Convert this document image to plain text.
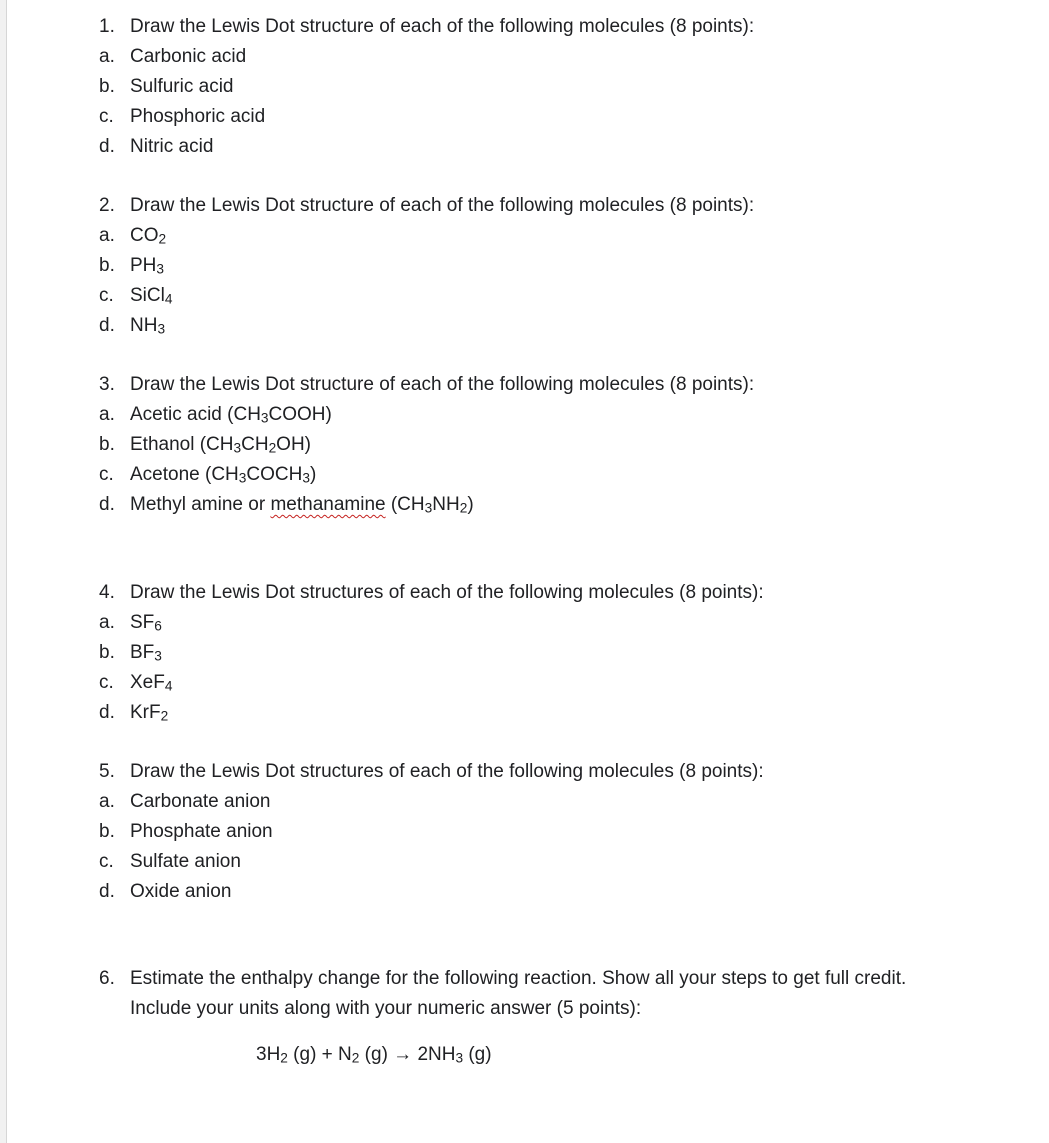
1. Draw the Lewis Dot structure of each of the following molecules (8 points):
a. Carbonic acid
b. Sulfuric acid
c. Phosphoric acid
d. Nitric acid
2. Draw the Lewis Dot structure of each of the following molecules (8 points):
a. $CO_2$
b. $PH_3$
c. SiCl$_4$
d. $NH_3$
3. Draw the Lewis Dot structure of each of the following molecules (8 points):
a. Acetic acid $(CH_3COOH)$
b. Ethanol $(CH_3CH_2OH)$
c. Acetone $(CH_3COCH_3)$
d. Methyl amine or methanamine $(CH_3NH_2)$
4. Draw the Lewis Dot structures of each of the following molecules (8 points):
a. $SF_6$
b. $BF_3$
c. XeF$_4$
d. KrF$_2$
5. Draw the Lewis Dot structures of each of the following molecules (8 points):
a. Carbonate anion
b. Phosphate anion
c. Sulfate anion
d. Oxide anion
6. Estimate the enthalpy change for the following reaction. Show all your steps to get full credit.
Include your units along with your numeric answer (5 points):
$3H_2$ $(g) + N_2$ $(g) \to 2NH_3$ (g)
